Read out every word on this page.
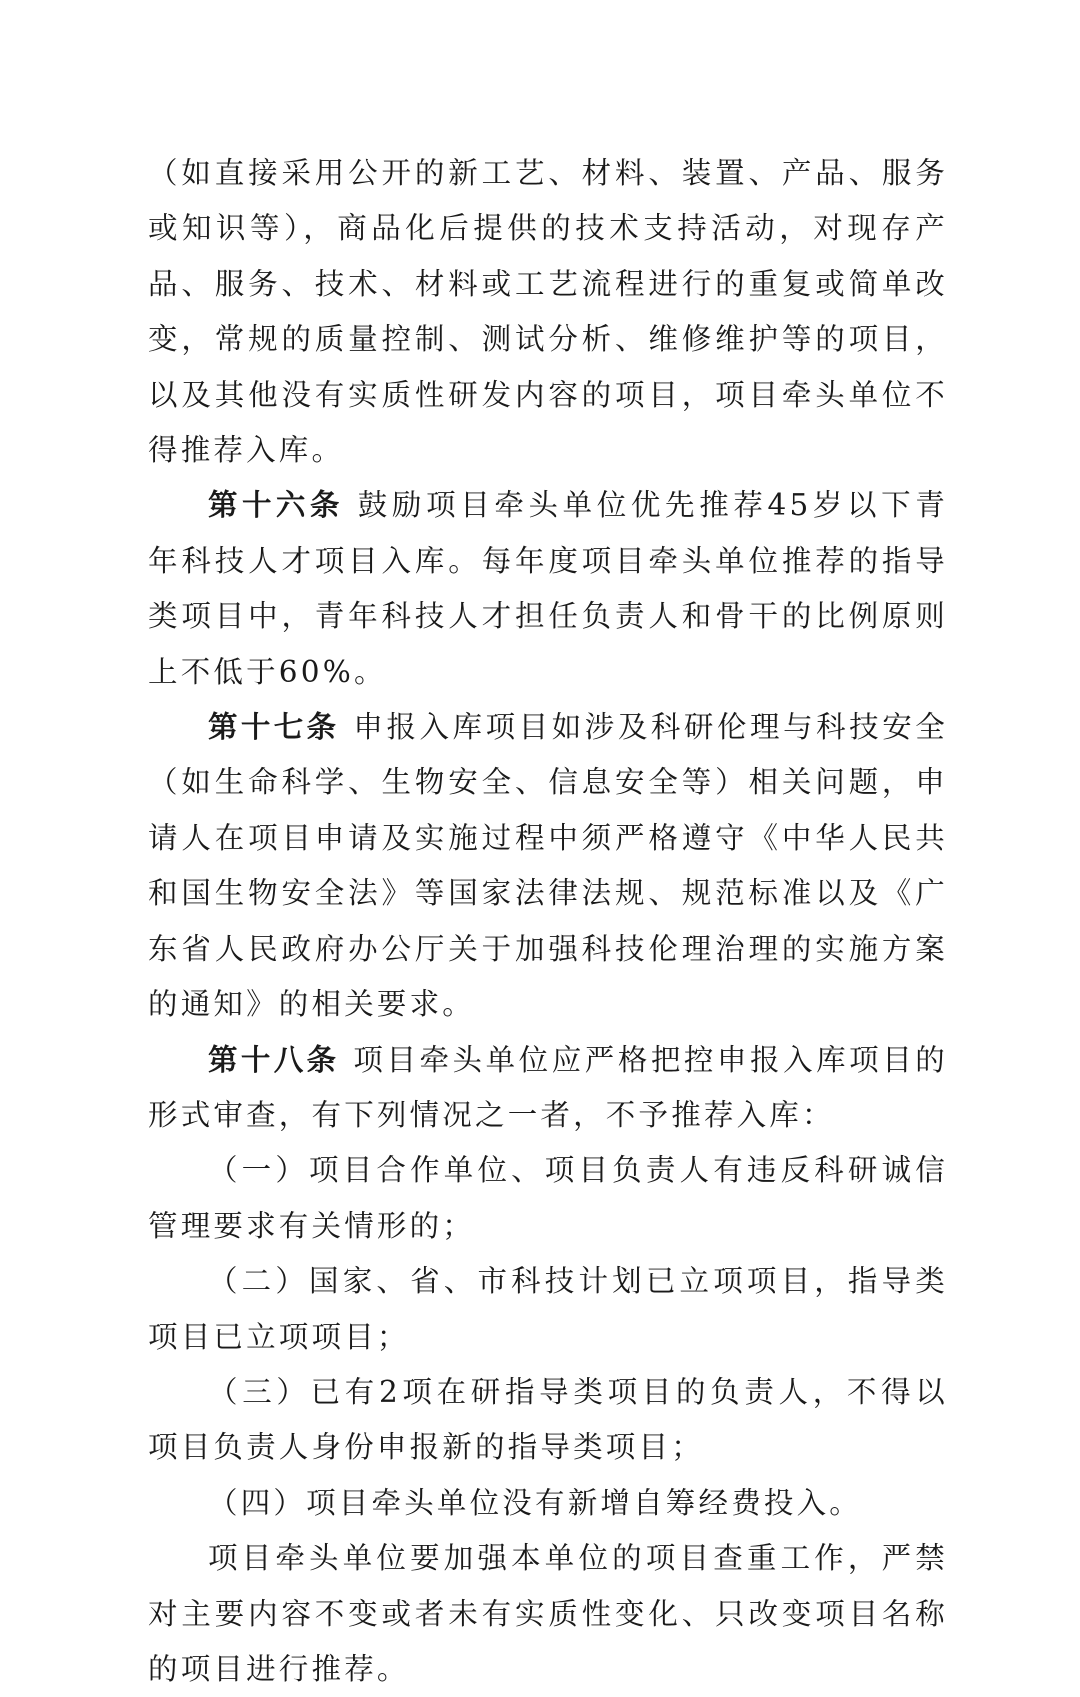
（如直接采用公开的新工艺、材料、装置、产品、服务或知识等），商品化后提供的技术支持活动，对现存产品、服务、技术、材料或工艺流程进行的重复或简单改变，常规的质量控制、测试分析、维修维护等的项目，以及其他没有实质性研发内容的项目，项目牵头单位不得推荐入库。

第十六条 鼓励项目牵头单位优先推荐45岁以下青年科技人才项目入库。每年度项目牵头单位推荐的指导类项目中，青年科技人才担任负责人和骨干的比例原则上不低于60%。

第十七条 申报入库项目如涉及科研伦理与科技安全（如生命科学、生物安全、信息安全等）相关问题，申请人在项目申请及实施过程中须严格遵守《中华人民共和国生物安全法》等国家法律法规、规范标准以及《广东省人民政府办公厅关于加强科技伦理治理的实施方案的通知》的相关要求。

第十八条 项目牵头单位应严格把控申报入库项目的形式审查，有下列情况之一者，不予推荐入库：

（一）项目合作单位、项目负责人有违反科研诚信管理要求有关情形的；

（二）国家、省、市科技计划已立项项目，指导类项目已立项项目；

（三）已有2项在研指导类项目的负责人，不得以项目负责人身份申报新的指导类项目；

（四）项目牵头单位没有新增自筹经费投入。

项目牵头单位要加强本单位的项目查重工作，严禁对主要内容不变或者未有实质性变化、只改变项目名称的项目进行推荐。
